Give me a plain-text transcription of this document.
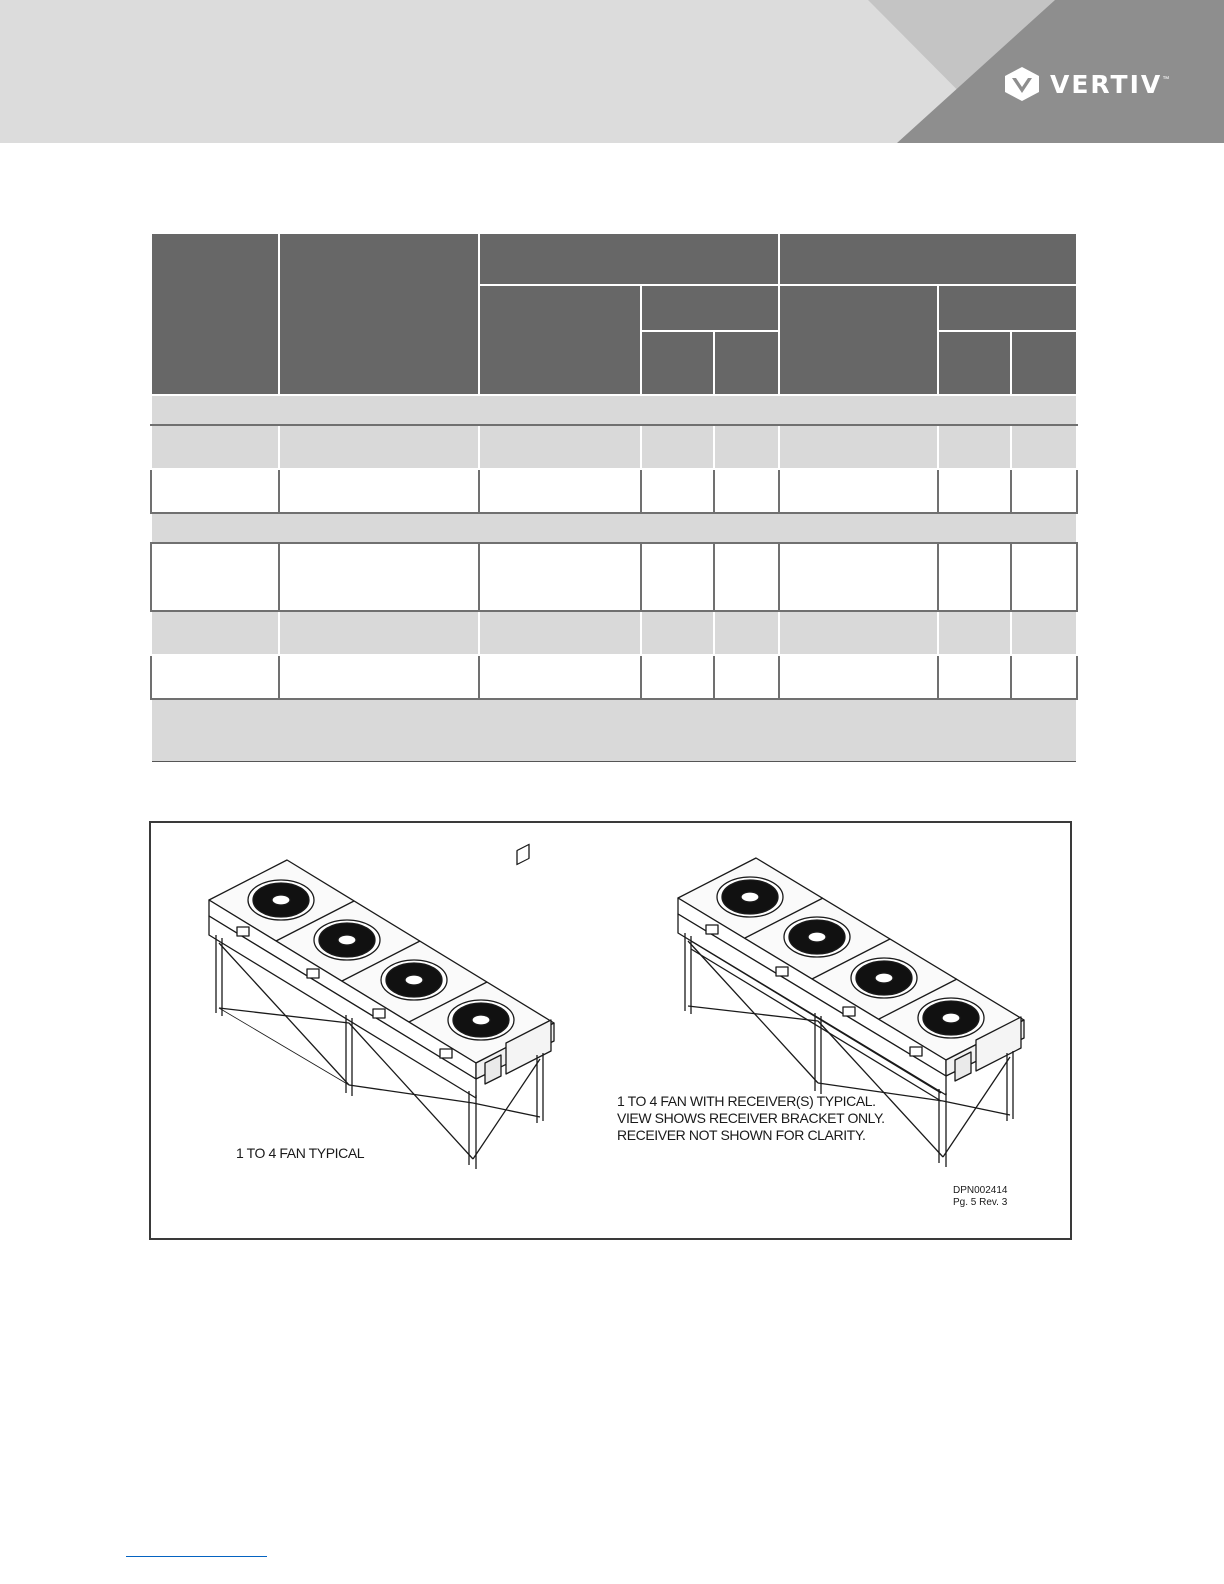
VERTIV ™

1 TO 4 FAN TYPICAL
1 TO 4 FAN WITH RECEIVER(S) TYPICAL.
VIEW SHOWS RECEIVER BRACKET ONLY.
RECEIVER NOT SHOWN FOR CLARITY.
DPN002414
Pg. 5 Rev. 3
